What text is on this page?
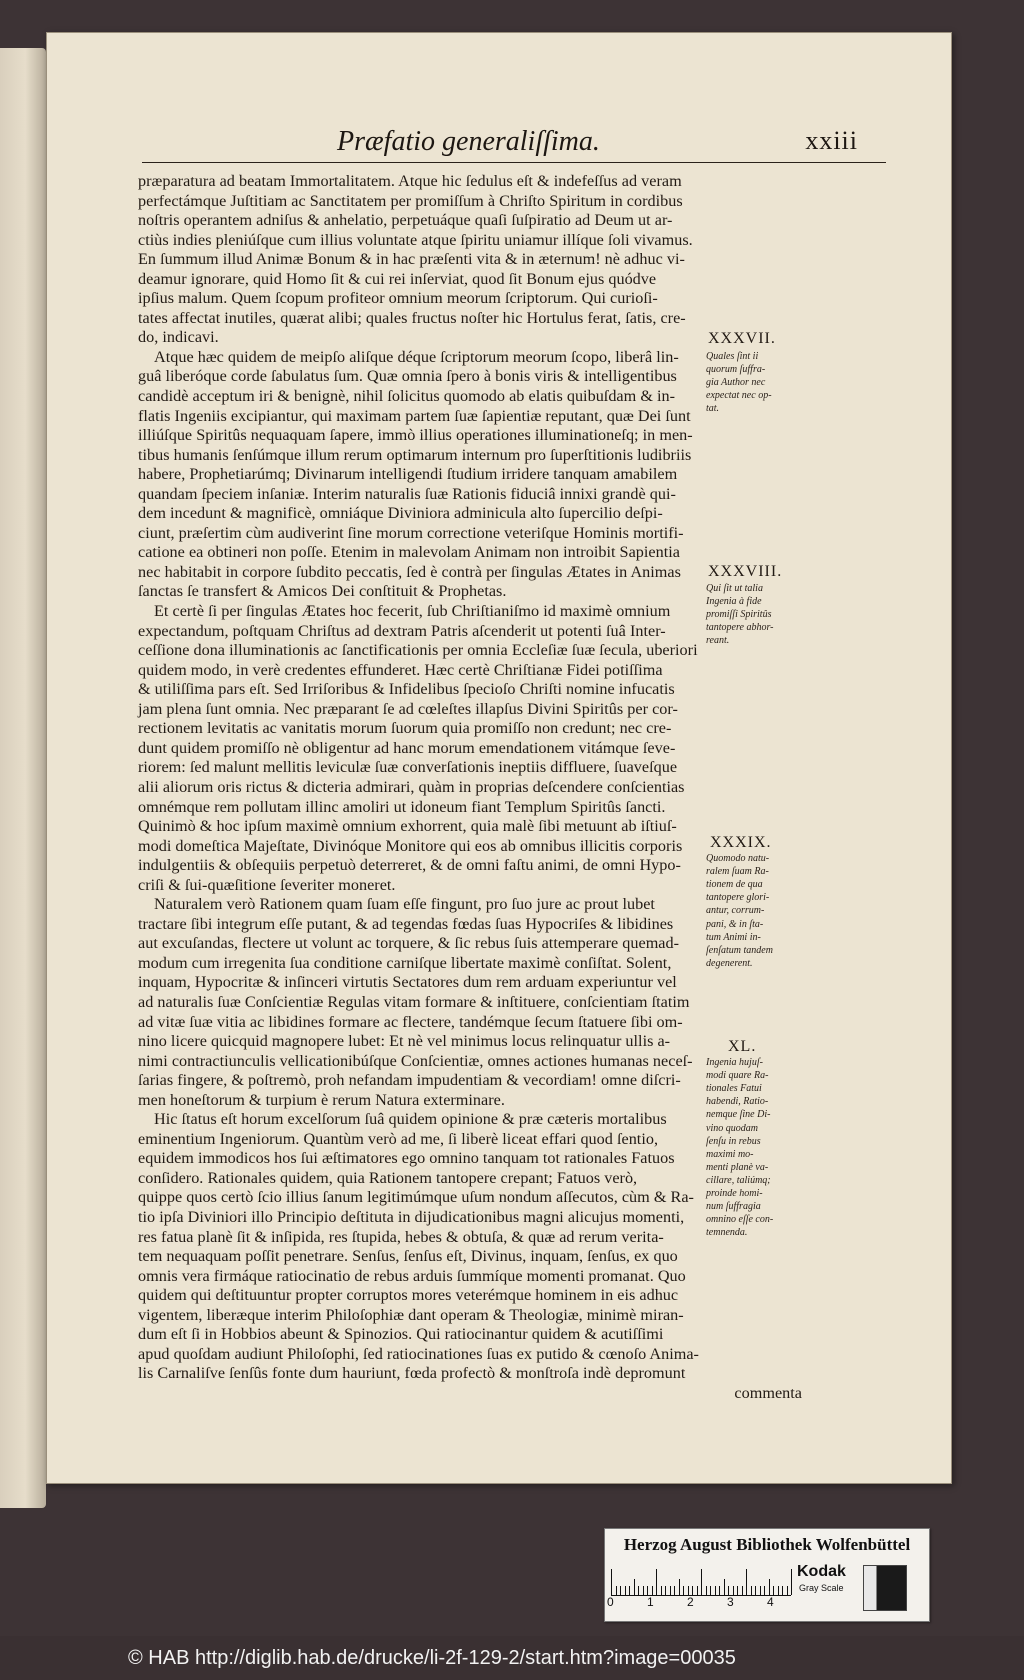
Præfatio generaliſſima.	xxiii
præparatura ad beatam Immortalitatem. Atque hic ſedulus eſt & indefeſſus ad veram
perfectámque Juſtitiam ac Sanctitatem per promiſſum à Chriſto Spiritum in cordibus
noſtris operantem adniſus & anhelatio, perpetuáque quaſi ſuſpiratio ad Deum ut ar-
ctiùs indies pleniúſque cum illius voluntate atque ſpiritu uniamur illíque ſoli vivamus.
En ſummum illud Animæ Bonum & in hac præſenti vita & in æternum! nè adhuc vi-
deamur ignorare, quid Homo ſit & cui rei inſerviat, quod ſit Bonum ejus quódve
ipſius malum. Quem ſcopum profiteor omnium meorum ſcriptorum. Qui curioſi-
tates affectat inutiles, quærat alibi; quales fructus noſter hic Hortulus ferat, ſatis, cre-
do, indicavi.
Atque hæc quidem de meipſo aliſque déque ſcriptorum meorum ſcopo, liberâ lin-
guâ liberóque corde ſabulatus ſum. Quæ omnia ſpero à bonis viris & intelligentibus
candidè acceptum iri & benignè, nihil ſolicitus quomodo ab elatis quibuſdam & in-
flatis Ingeniis excipiantur, qui maximam partem ſuæ ſapientiæ reputant, quæ Dei ſunt
illiúſque Spiritûs nequaquam ſapere, immò illius operationes illuminationeſq; in men-
tibus humanis ſenſúmque illum rerum optimarum internum pro ſuperſtitionis ludibriis
habere, Prophetiarúmq; Divinarum intelligendi ſtudium irridere tanquam amabilem
quandam ſpeciem inſaniæ. Interim naturalis ſuæ Rationis fiduciâ innixi grandè qui-
dem incedunt & magnificè, omniáque Diviniora adminicula alto ſupercilio deſpi-
ciunt, præſertim cùm audiverint ſine morum correctione veteriſque Hominis mortifi-
catione ea obtineri non poſſe. Etenim in malevolam Animam non introibit Sapientia
nec habitabit in corpore ſubdito peccatis, ſed è contrà per ſingulas Ætates in Animas
ſanctas ſe transfert & Amicos Dei conſtituit & Prophetas.
Et certè ſi per ſingulas Ætates hoc fecerit, ſub Chriſtianiſmo id maximè omnium
expectandum, poſtquam Chriſtus ad dextram Patris aſcenderit ut potenti ſuâ Inter-
ceſſione dona illuminationis ac ſanctificationis per omnia Eccleſiæ ſuæ ſecula, uberiori
quidem modo, in verè credentes effunderet. Hæc certè Chriſtianæ Fidei potiſſima
& utiliſſima pars eſt. Sed Irriſoribus & Infidelibus ſpecioſo Chriſti nomine infucatis
jam plena ſunt omnia. Nec præparant ſe ad cœleſtes illapſus Divini Spiritûs per cor-
rectionem levitatis ac vanitatis morum ſuorum quia promiſſo non credunt; nec cre-
dunt quidem promiſſo nè obligentur ad hanc morum emendationem vitámque ſeve-
riorem: ſed malunt mellitis leviculæ ſuæ converſationis ineptiis diffluere, ſuaveſque
alii aliorum oris rictus & dicteria admirari, quàm in proprias deſcendere conſcientias
omnémque rem pollutam illinc amoliri ut idoneum fiant Templum Spiritûs ſancti.
Quinimò & hoc ipſum maximè omnium exhorrent, quia malè ſibi metuunt ab iſtiuſ-
modi domeſtica Majeſtate, Divinóque Monitore qui eos ab omnibus illicitis corporis
indulgentiis & obſequiis perpetuò deterreret, & de omni faſtu animi, de omni Hypo-
criſi & ſui-quæſitione ſeveriter moneret.
Naturalem verò Rationem quam ſuam eſſe fingunt, pro ſuo jure ac prout lubet
tractare ſibi integrum eſſe putant, & ad tegendas fœdas ſuas Hypocriſes & libidines
aut excuſandas, flectere ut volunt ac torquere, & ſic rebus ſuis attemperare quemad-
modum cum irregenita ſua conditione carniſque libertate maximè conſiſtat. Solent,
inquam, Hypocritæ & inſinceri virtutis Sectatores dum rem arduam experiuntur vel
ad naturalis ſuæ Conſcientiæ Regulas vitam formare & inſtituere, conſcientiam ſtatim
ad vitæ ſuæ vitia ac libidines formare ac flectere, tandémque ſecum ſtatuere ſibi om-
nino licere quicquid magnopere lubet: Et nè vel minimus locus relinquatur ullis a-
nimi contractiunculis vellicationibúſque Conſcientiæ, omnes actiones humanas neceſ-
ſarias fingere, & poſtremò, proh nefandam impudentiam & vecordiam! omne diſcri-
men honeſtorum & turpium è rerum Natura exterminare.
Hic ſtatus eſt horum excelſorum ſuâ quidem opinione & præ cæteris mortalibus
eminentium Ingeniorum. Quantùm verò ad me, ſi liberè liceat effari quod ſentio,
equidem immodicos hos ſui æſtimatores ego omnino tanquam tot rationales Fatuos
conſidero. Rationales quidem, quia Rationem tantopere crepant; Fatuos verò,
quippe quos certò ſcio illius ſanum legitimúmque uſum nondum aſſecutos, cùm & Ra-
tio ipſa Diviniori illo Principio deſtituta in dijudicationibus magni alicujus momenti,
res fatua planè ſit & inſipida, res ſtupida, hebes & obtuſa, & quæ ad rerum verita-
tem nequaquam poſſit penetrare. Senſus, ſenſus eſt, Divinus, inquam, ſenſus, ex quo
omnis vera firmáque ratiocinatio de rebus arduis ſummíque momenti promanat. Quo
quidem qui deſtituuntur propter corruptos mores veterémque hominem in eis adhuc
vigentem, liberæque interim Philoſophiæ dant operam & Theologiæ, minimè miran-
dum eſt ſi in Hobbios abeunt & Spinozios. Qui ratiocinantur quidem & acutiſſimi
apud quoſdam audiunt Philoſophi, ſed ratiocinationes ſuas ex putido & cœnoſo Anima-
lis Carnaliſve ſenſûs fonte dum hauriunt, fœda profectò & monſtroſa indè depromunt
commenta
XXXVII.
Quales ſint ii
quorum ſuffra-
gia Author nec
expectat nec op-
tat.
XXXVIII.
Qui ſit ut talia
Ingenia à fide
promiſſi Spiritûs
tantopere abhor-
reant.
XXXIX.
Quomodo natu-
ralem ſuam Ra-
tionem de qua
tantopere glori-
antur, corrum-
pani, & in ſta-
tum Animi in-
ſenſatum tandem
degenerent.
XL.
Ingenia hujuſ-
modi quare Ra-
tionales Fatui
habendi, Ratio-
nemque ſine Di-
vino quodam
ſenſu in rebus
maximi mo-
menti planè va-
cillare, taliúmq;
proinde homi-
num ſuffragia
omnino eſſe con-
temnenda.
Herzog August Bibliothek Wolfenbüttel
0	1	2	3	4
Kodak
Gray Scale
© HAB http://diglib.hab.de/drucke/li-2f-129-2/start.htm?image=00035
